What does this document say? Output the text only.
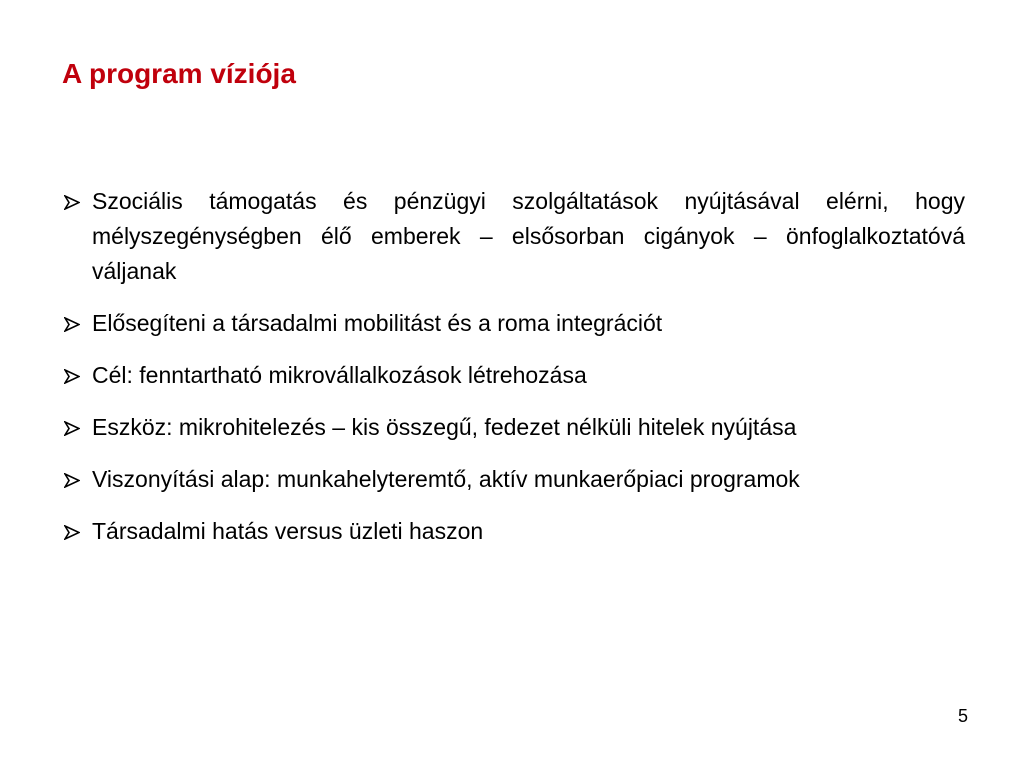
A program víziója
Szociális támogatás és pénzügyi szolgáltatások nyújtásával elérni, hogy mélyszegénységben élő emberek – elsősorban cigányok – önfoglalkoztatóvá váljanak
Elősegíteni a társadalmi mobilitást és a roma integrációt
Cél: fenntartható mikrovállalkozások létrehozása
Eszköz: mikrohitelezés – kis összegű, fedezet nélküli hitelek nyújtása
Viszonyítási alap: munkahelyteremtő, aktív munkaerőpiaci programok
Társadalmi hatás versus üzleti haszon
5
